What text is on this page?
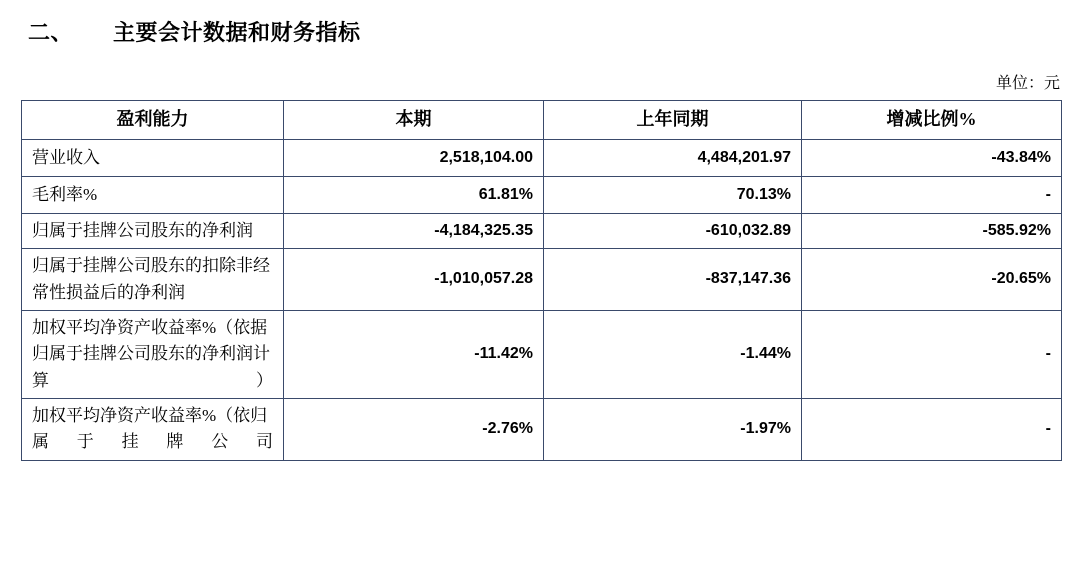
二、 主要会计数据和财务指标
单位：元
盈利能力	本期	上年同期	增减比例%
营业收入	2,518,104.00	4,484,201.97	-43.84%
毛利率%	61.81%	70.13%	-
归属于挂牌公司股东的净利润	-4,184,325.35	-610,032.89	-585.92%
归属于挂牌公司股东的扣除非经常性损益后的净利润	-1,010,057.28	-837,147.36	-20.65%
加权平均净资产收益率%（依据归属于挂牌公司股东的净利润计算）	-11.42%	-1.44%	-
加权平均净资产收益率%（依归属于挂牌公司	-2.76%	-1.97%	-
